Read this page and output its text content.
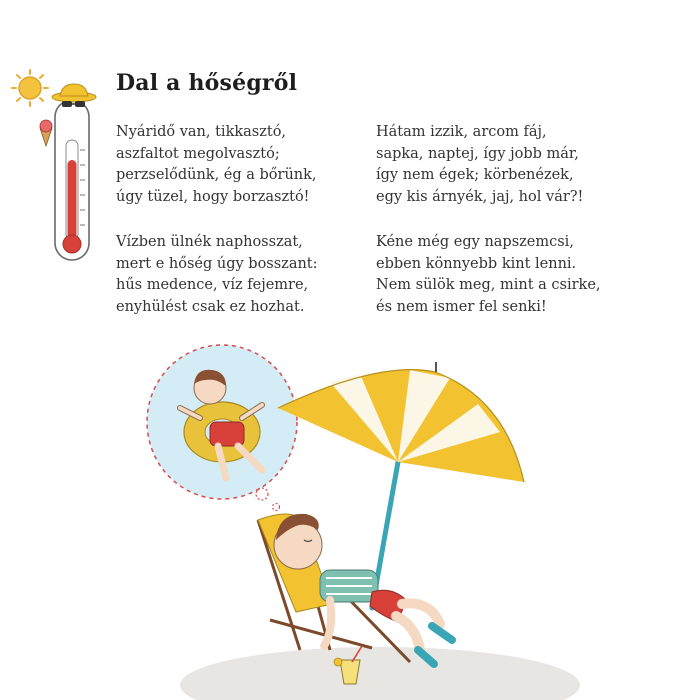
Dal a hőségről
Nyáridő van, tikkasztó,
aszfaltot megolvasztó;
perzselődünk, ég a bőrünk,
úgy tüzel, hogy borzasztó!
Vízben ülnék naphosszat,
mert e hőség úgy bosszant:
hűs medence, víz fejemre,
enyhülést csak ez hozhat.
Hátam izzik, arcom fáj,
sapka, naptej, így jobb már,
így nem égek; körbenézek,
egy kis árnyék, jaj, hol vár?!
Kéne még egy napszemcsi,
ebben könnyebb kint lenni.
Nem sülök meg, mint a csirke,
és nem ismer fel senki!
